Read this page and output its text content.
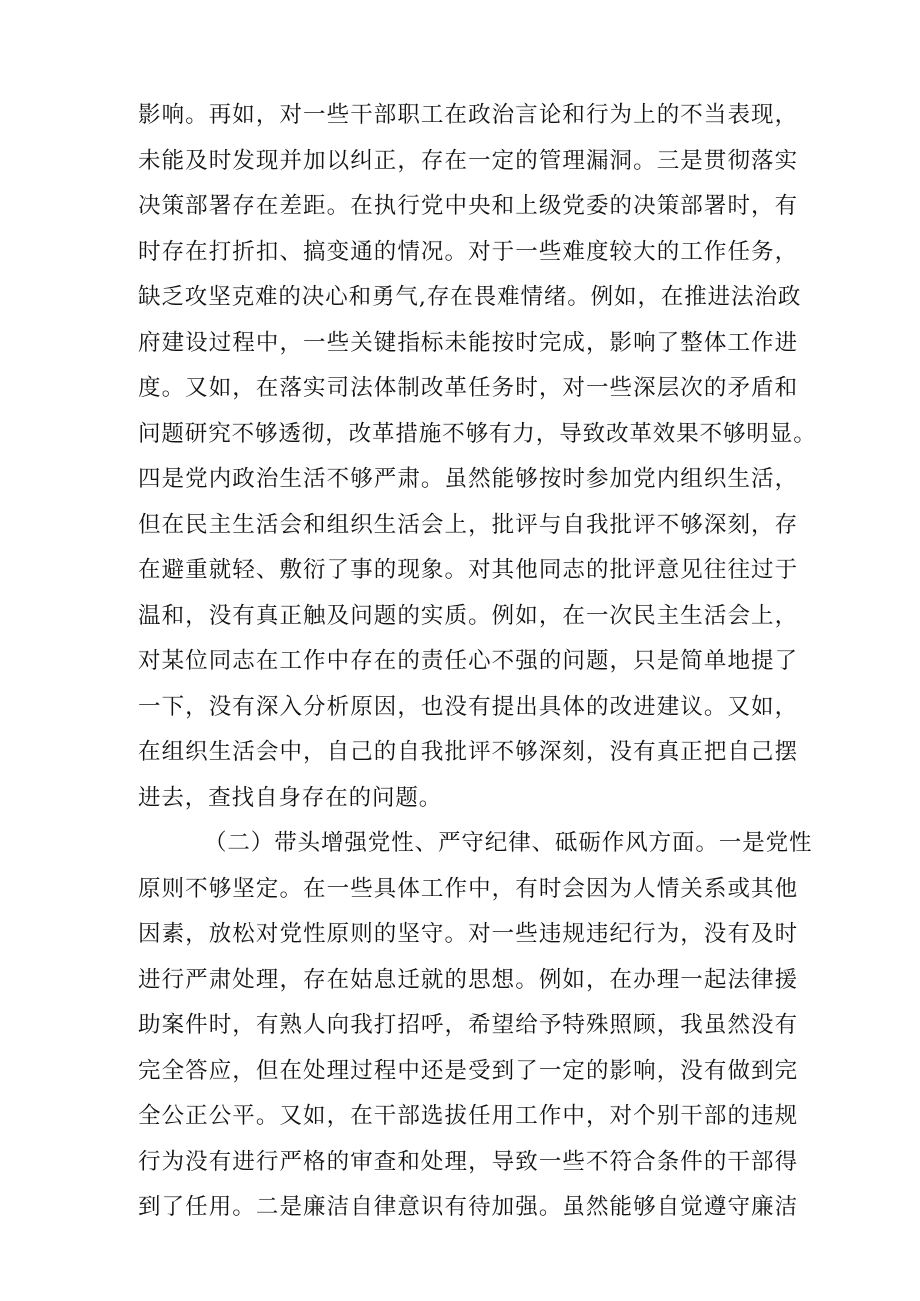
影响。再如，对一些干部职工在政治言论和行为上的不当表现，
未能及时发现并加以纠正，存在一定的管理漏洞。三是贯彻落实
决策部署存在差距。在执行党中央和上级党委的决策部署时，有
时存在打折扣、搞变通的情况。对于一些难度较大的工作任务，
缺乏攻坚克难的决心和勇气,存在畏难情绪。例如，在推进法治政
府建设过程中，一些关键指标未能按时完成，影响了整体工作进
度。又如，在落实司法体制改革任务时，对一些深层次的矛盾和
问题研究不够透彻，改革措施不够有力，导致改革效果不够明显。
四是党内政治生活不够严肃。虽然能够按时参加党内组织生活，
但在民主生活会和组织生活会上，批评与自我批评不够深刻，存
在避重就轻、敷衍了事的现象。对其他同志的批评意见往往过于
温和，没有真正触及问题的实质。例如，在一次民主生活会上，
对某位同志在工作中存在的责任心不强的问题，只是简单地提了
一下，没有深入分析原因，也没有提出具体的改进建议。又如，
在组织生活会中，自己的自我批评不够深刻，没有真正把自己摆
进去，查找自身存在的问题。
（二）带头增强党性、严守纪律、砥砺作风方面。一是党性
原则不够坚定。在一些具体工作中，有时会因为人情关系或其他
因素，放松对党性原则的坚守。对一些违规违纪行为，没有及时
进行严肃处理，存在姑息迁就的思想。例如，在办理一起法律援
助案件时，有熟人向我打招呼，希望给予特殊照顾，我虽然没有
完全答应，但在处理过程中还是受到了一定的影响，没有做到完
全公正公平。又如，在干部选拔任用工作中，对个别干部的违规
行为没有进行严格的审查和处理，导致一些不符合条件的干部得
到了任用。二是廉洁自律意识有待加强。虽然能够自觉遵守廉洁
